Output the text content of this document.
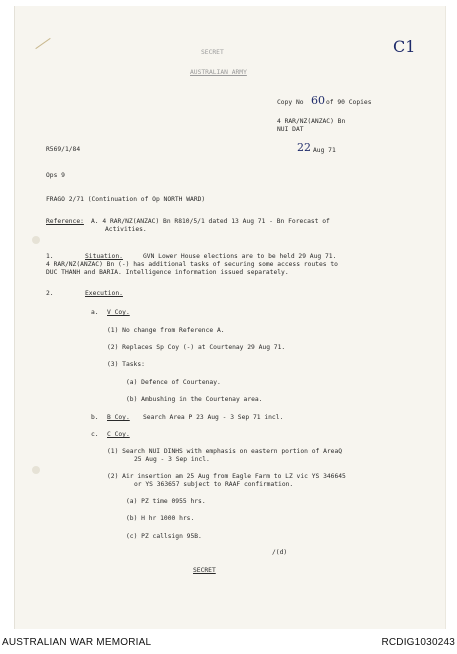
SECRET
AUSTRALIAN ARMY
C1
Copy No 60 of 90 Copies
4 RAR/NZ(ANZAC) Bn
NUI DAT
R569/1/84	22 Aug 71
Ops 9
FRAGO 2/71 (Continuation of Op NORTH WARD)
Reference: A. 4 RAR/NZ(ANZAC) Bn R810/5/1 dated 13 Aug 71 - Bn Forecast of
Activities.
1.	Situation.	GVN Lower House elections are to be held 29 Aug 71.
4 RAR/NZ(ANZAC) Bn (-) has additional tasks of securing some access routes to
DUC THANH and BARIA. Intelligence information issued separately.
2.	Execution.
a. V Coy.
(1) No change from Reference A.
(2) Replaces Sp Coy (-) at Courtenay 29 Aug 71.
(3) Tasks:
(a) Defence of Courtenay.
(b) Ambushing in the Courtenay area.
b. B Coy. Search Area P 23 Aug - 3 Sep 71 incl.
c. C Coy.
(1) Search NUI DINHS with emphasis on eastern portion of AreaQ
25 Aug - 3 Sep incl.
(2) Air insertion am 25 Aug from Eagle Farm to LZ vic YS 346645
or YS 363657 subject to RAAF confirmation.
(a) PZ time 0955 hrs.
(b) H hr 1000 hrs.
(c) PZ callsign 95B.
/(d)
SECRET
AUSTRALIAN WAR MEMORIAL	RCDIG1030243
